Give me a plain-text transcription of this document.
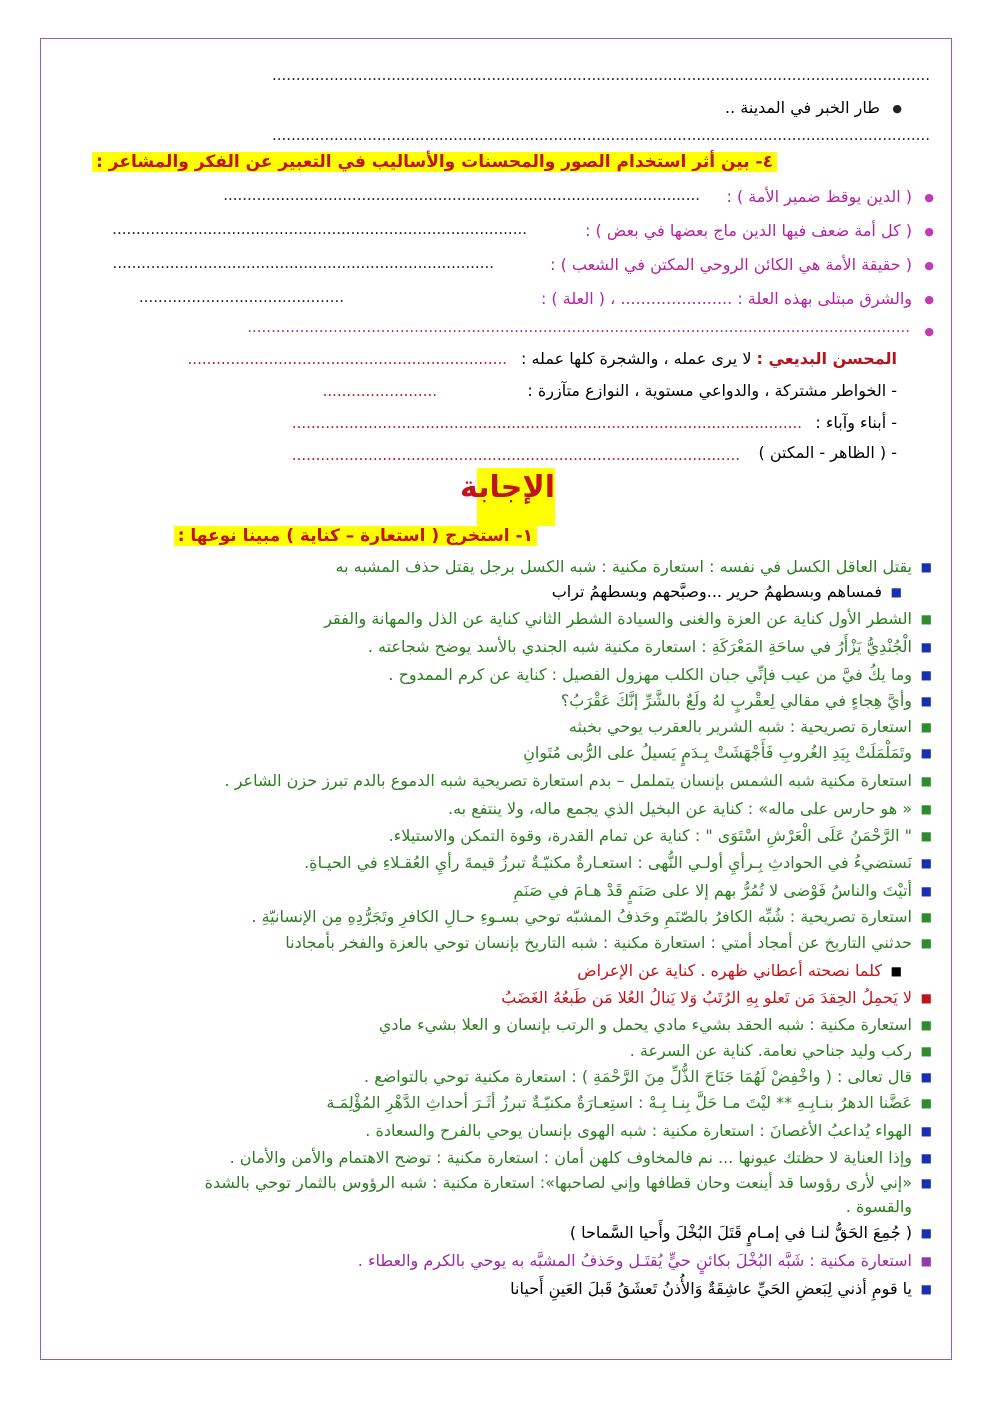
..........................................................................................................................................
● طار الخبر في المدينة ..
..........................................................................................................................................
٤- بين أثر استخدام الصور والمحسنات والأساليب في التعبير عن الفكر والمشاعر :
● ( الدين يوقظ ضمير الأمة ) :
....................................................................................................
● ( كل أمة ضعف فيها الدين ماج بعضها في بعض ) :
.......................................................................................
● ( حقيقة الأمة هي الكائن الروحي المكتن في الشعب ) :
................................................................................
● والشرق مبتلى بهذه العلة : ...................... ، ( العلة ) :
...........................................
...........................................................................................................................................
المحسن البديعي : لا يرى عمله ، والشجرة كلها عمله :
...................................................................
- الخواطر مشتركة ، والدواعي مستوية ، النوازع متآزرة :
........................
- أبناء وآباء :
...........................................................................................................
- ( الظاهر - المكتن )
..............................................................................................
الإجابة
١- استخرج ( استعارة – كناية ) مبينا نوعها :
■ يقتل العاقل الكسل في نفسه : استعارة مكنية : شبه الكسل برجل يقتل حذف المشبه به
■ فمساهم وبسطهمُ حرير ...وصبَّحهم وبسطهمُ تراب
■ الشطر الأول كناية عن العزة والغنى والسيادة الشطر الثاني كناية عن الذل والمهانة والفقر
■ الْجُنْدِيُّ يَزْأَرُ في ساحَةِ المَعْرَكَةِ : استعارة مكنية شبه الجندي بالأسد يوضح شجاعته .
■ وما يكُ فيَّ من عيب فإنِّي جبان الكلب مهزول الفصيل : كناية عن كرم الممدوح .
■ وأيَّ هِجاءٍ في مقالي لِعقْربٍ لهُ ولَعٌ بالشَّرِّ إنَّكَ عَقْرَبُ؟
■ استعارة تصريحية : شبه الشرير بالعقرب يوحي بخبثه
■ وتَمَلْمَلَتْ بِيَدِ الغُروبِ فَأَجْهَشَتْ بِـدَمٍ يَسيلُ على الرُّبى مُتَوانِ
■ استعارة مكنية شبه الشمس بإنسان يتململ – بدم استعارة تصريحية شبه الدموع بالدم تبرز حزن الشاعر .
■ « هو حارس على ماله» : كناية عن البخيل الذي يجمع ماله، ولا ينتفع به.
■ " الرَّحْمَنُ عَلَى الْعَرْشِ اسْتَوَى " : كناية عن تمام القدرة، وقوة التمكن والاستيلاء.
■ نَستضيءُ في الحوادثِ بِـرأيِ أولـي النُّهى : استعـارةٌ مكنيّـةٌ تبرزُ قيمةَ رأيِ العُقـلاءِ في الحيـاةِ.
■ أتيْتَ والناسُ فَوْضى لا تُمُرُّ بهم إلا على صَنَمٍ قَدْ هـامَ في صَنَمِ
■ استعارة تصريحية : شُبِّه الكافرُ بالصّنَمِ وحَذفُ المشبّه توحي بسـوءِ حـالِ الكافرِ وتَجَرُّدِهِ مِن الإنسانيّةِ .
■ حدثني التاريخ عن أمجاد أمتي : استعارة مكنية : شبه التاريخ بإنسان توحي بالعزة والفخر بأمجادنا
■ كلما نصحته أعطاني ظهره . كناية عن الإعراض
■ لا يَحمِلُ الحِقدَ مَن تَعلو بِهِ الرُتَبُ وَلا يَنالُ العُلا مَن طَبعُهُ الغَضَبُ
■ استعارة مكنية : شبه الحقد بشيء مادي يحمل و الرتب بإنسان و العلا بشيء مادي
■ ركب وليد جناحي نعامة. كناية عن السرعة .
■ قال تعالى : ( واخْفِضْ لَهُمَا جَنَاحَ الذُّلِّ مِنَ الرَّحْمَةِ ) : استعارة مكنية توحي بالتواضع .
■ عَضَّنا الدهرُ بنـابِـهِ ** ليْتَ مـا حَلَّ بِنـا بِـهْ : استِعـارَةٌ مكنيّـةٌ تبرزُ أثَـرَ أحداثِ الدَّهْرِ المُؤْلِمَـة
■ الهواء يُداعبُ الأغصانَ : استعارة مكنية : شبه الهوى بإنسان يوحي بالفرح والسعادة .
■ وإذا العناية لا حظتك عيونها ... نم فالمخاوف كلهن أمان : استعارة مكنية : توضح الاهتمام والأمن والأمان .
■ «إني لأرى رؤوسا قد أينعت وحان قطافها وإني لصاحبها»: استعارة مكنية : شبه الرؤوس بالثمار توحي بالشدة
والقسوة .
■ ( جُمِعَ الحَقُّ لنـا في إمـامٍ قَتَلَ البُخْلَ وأَحيا السَّماحا )
■ استعارة مكنية : شَبَّه البُخْلَ بكائنٍ حيٍّ يُقتَـل وحَذفُ المشبَّه به يوحي بالكرم والعطاء .
■ يا قومِ أذني لِبَعضِ الحَيِّ عاشِقَةٌ وَالأُذنُ تَعشَقُ قَبلَ العَينِ أَحيانا
